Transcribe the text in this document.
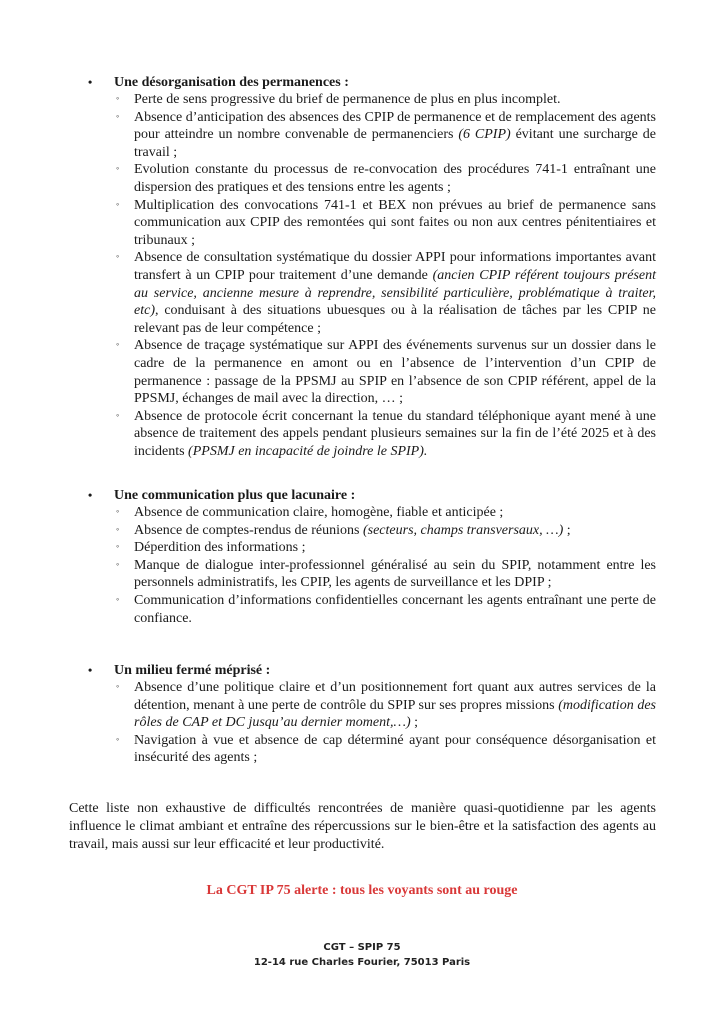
• Une désorganisation des permanences :
◦ Perte de sens progressive du brief de permanence de plus en plus incomplet.
◦ Absence d’anticipation des absences des CPIP de permanence et de remplacement des agents pour atteindre un nombre convenable de permanenciers (6 CPIP) évitant une surcharge de travail ;
◦ Evolution constante du processus de re-convocation des procédures 741-1 entraînant une dispersion des pratiques et des tensions entre les agents ;
◦ Multiplication des convocations 741-1 et BEX non prévues au brief de permanence sans communication aux CPIP des remontées qui sont faites ou non aux centres pénitentiaires et tribunaux ;
◦ Absence de consultation systématique du dossier APPI pour informations importantes avant transfert à un CPIP pour traitement d’une demande (ancien CPIP référent toujours présent au service, ancienne mesure à reprendre, sensibilité particulière, problématique à traiter, etc), conduisant à des situations ubuesques ou à la réalisation de tâches par les CPIP ne relevant pas de leur compétence ;
◦ Absence de traçage systématique sur APPI des événements survenus sur un dossier dans le cadre de la permanence en amont ou en l’absence de l’intervention d’un CPIP de permanence : passage de la PPSMJ au SPIP en l’absence de son CPIP référent, appel de la PPSMJ, échanges de mail avec la direction, … ;
◦ Absence de protocole écrit concernant la tenue du standard téléphonique ayant mené à une absence de traitement des appels pendant plusieurs semaines sur la fin de l’été 2025 et à des incidents (PPSMJ en incapacité de joindre le SPIP).
• Une communication plus que lacunaire :
◦ Absence de communication claire, homogène, fiable et anticipée ;
◦ Absence de comptes-rendus de réunions (secteurs, champs transversaux, …) ;
◦ Déperdition des informations ;
◦ Manque de dialogue inter-professionnel généralisé au sein du SPIP, notamment entre les personnels administratifs, les CPIP, les agents de surveillance et les DPIP ;
◦ Communication d’informations confidentielles concernant les agents entraînant une perte de confiance.
• Un milieu fermé méprisé :
◦ Absence d’une politique claire et d’un positionnement fort quant aux autres services de la détention, menant à une perte de contrôle du SPIP sur ses propres missions (modification des rôles de CAP et DC jusqu’au dernier moment,…) ;
◦ Navigation à vue et absence de cap déterminé ayant pour conséquence désorganisation et insécurité des agents ;
Cette liste non exhaustive de difficultés rencontrées de manière quasi-quotidienne par les agents influence le climat ambiant et entraîne des répercussions sur le bien-être et la satisfaction des agents au travail, mais aussi sur leur efficacité et leur productivité.
La CGT IP 75 alerte : tous les voyants sont au rouge
CGT – SPIP 75
12-14 rue Charles Fourier, 75013 Paris
